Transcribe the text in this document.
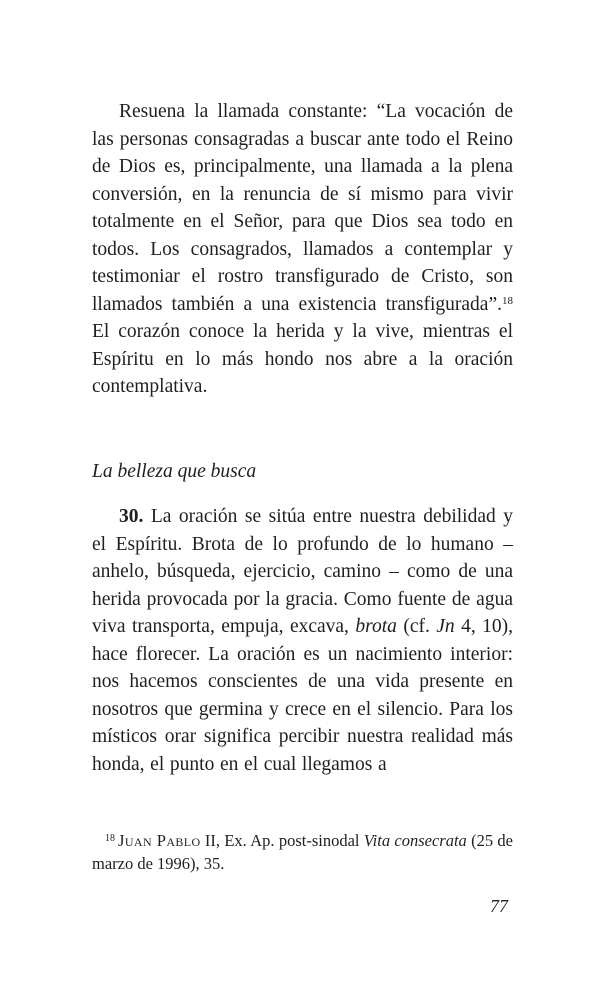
Resuena la llamada constante: “La vocación de las personas consagradas a buscar ante todo el Reino de Dios es, principalmente, una llamada a la plena conversión, en la renuncia de sí mismo para vivir totalmente en el Señor, para que Dios sea todo en todos. Los consagrados, llamados a contemplar y testimoniar el rostro transfigurado de Cristo, son llamados también a una existencia transfigurada”.$^{18}$ El corazón conoce la herida y la vive, mientras el Espíritu en lo más hondo nos abre a la oración contemplativa.

La belleza que busca

30. La oración se sitúa entre nuestra debilidad y el Espíritu. Brota de lo profundo de lo humano – anhelo, búsqueda, ejercicio, camino – como de una herida provocada por la gracia. Como fuente de agua viva transporta, empuja, excava, brota (cf. Jn 4, 10), hace florecer. La oración es un nacimiento interior: nos hacemos conscientes de una vida presente en nosotros que germina y crece en el silencio. Para los místicos orar significa percibir nuestra realidad más honda, el punto en el cual llegamos a

$^{18}$ Juan Pablo II, Ex. Ap. post-sinodal Vita consecrata (25 de marzo de 1996), 35.

77
